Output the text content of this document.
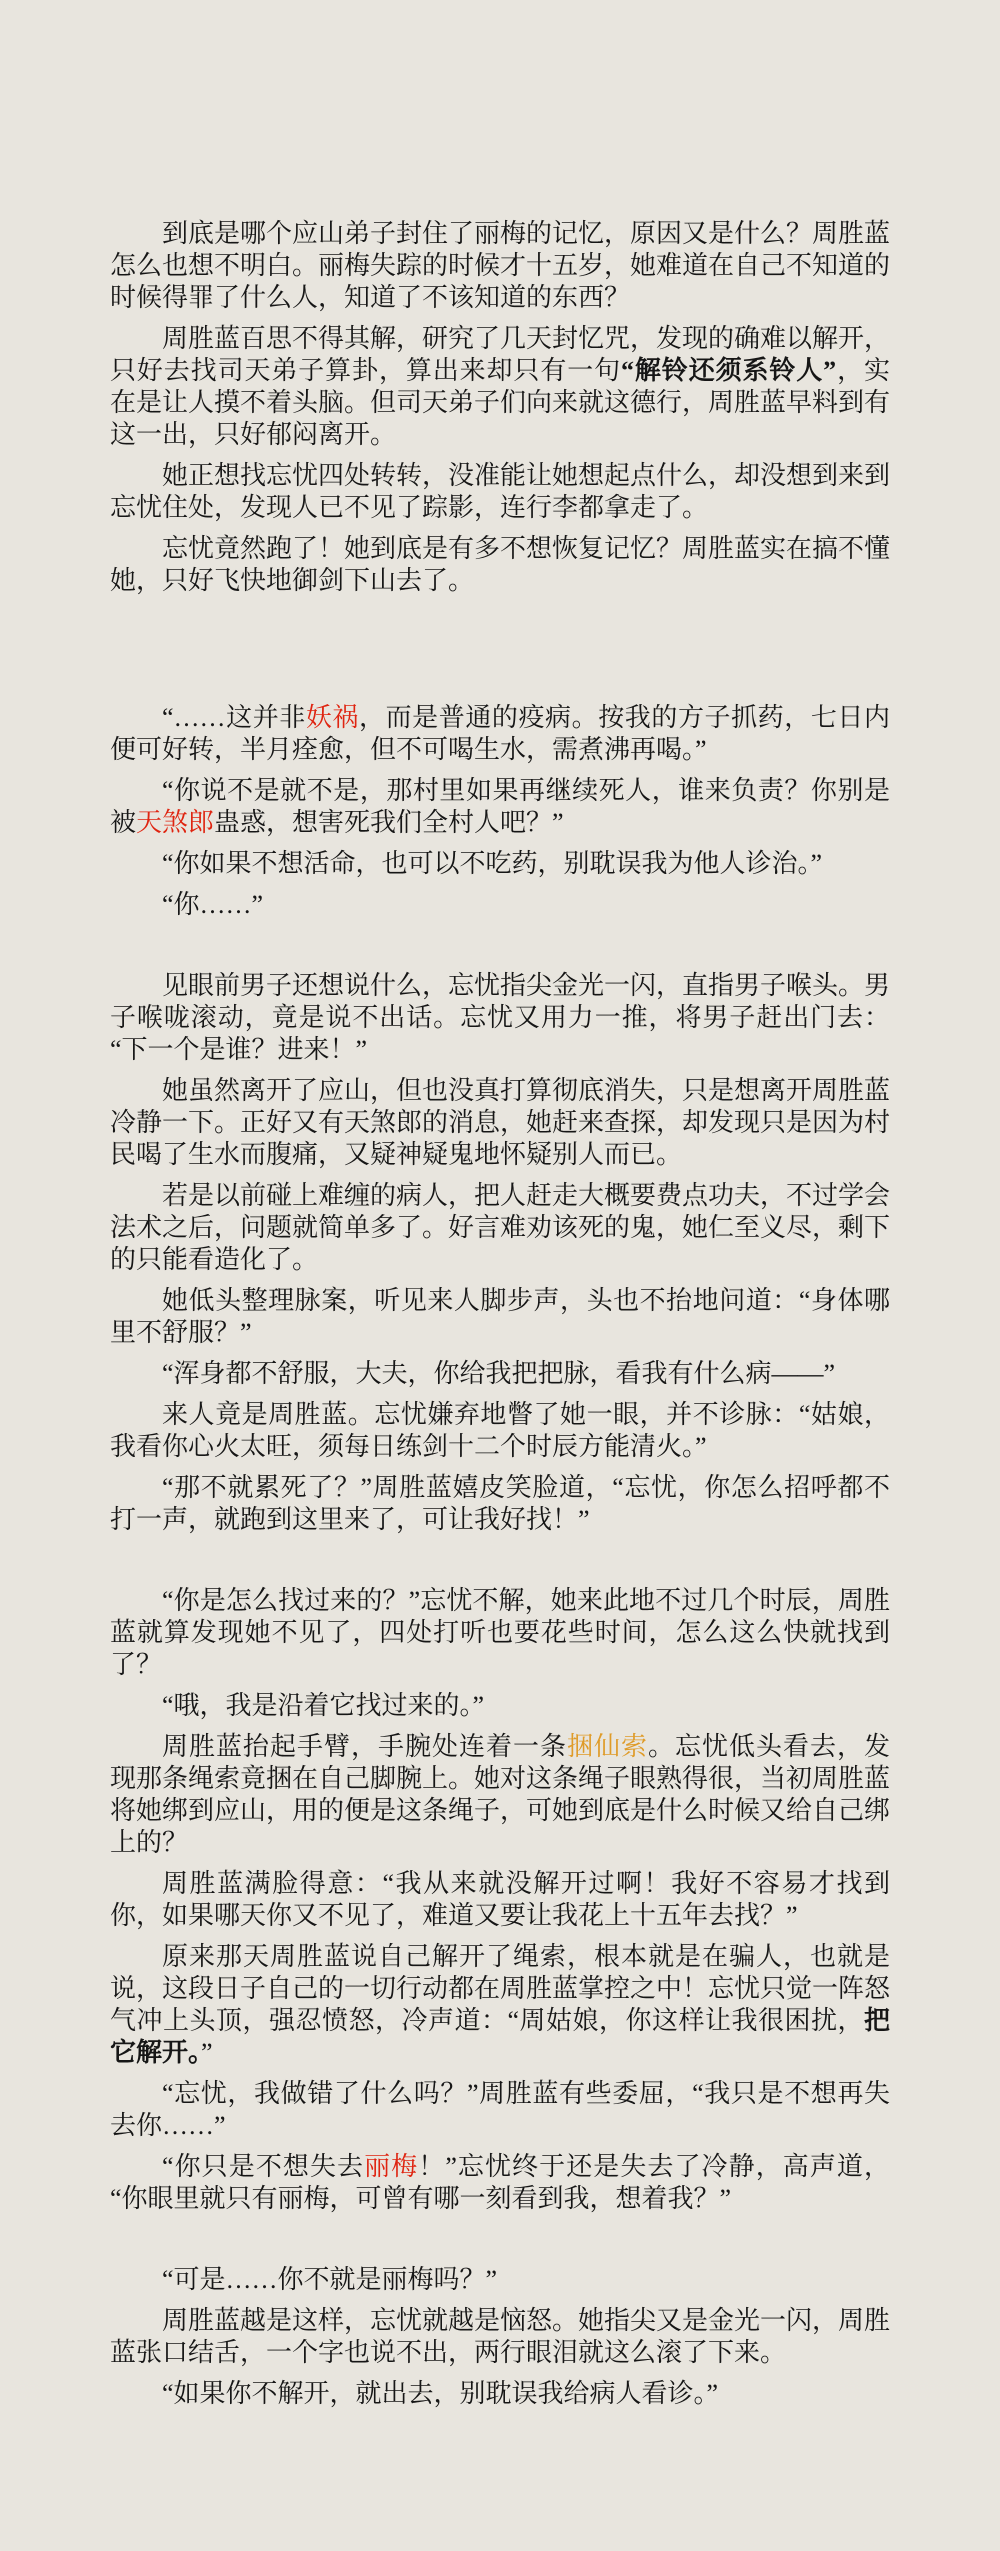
到底是哪个应山弟子封住了丽梅的记忆，原因又是什么？周胜蓝怎么也想不明白。丽梅失踪的时候才十五岁，她难道在自己不知道的时候得罪了什么人，知道了不该知道的东西？

周胜蓝百思不得其解，研究了几天封忆咒，发现的确难以解开，只好去找司天弟子算卦，算出来却只有一句“解铃还须系铃人”，实在是让人摸不着头脑。但司天弟子们向来就这德行，周胜蓝早料到有这一出，只好郁闷离开。

她正想找忘忧四处转转，没准能让她想起点什么，却没想到来到忘忧住处，发现人已不见了踪影，连行李都拿走了。

忘忧竟然跑了！她到底是有多不想恢复记忆？周胜蓝实在搞不懂她，只好飞快地御剑下山去了。

“……这并非妖祸，而是普通的疫病。按我的方子抓药，七日内便可好转，半月痊愈，但不可喝生水，需煮沸再喝。”

“你说不是就不是，那村里如果再继续死人，谁来负责？你别是被天煞郎蛊惑，想害死我们全村人吧？”

“你如果不想活命，也可以不吃药，别耽误我为他人诊治。”

“你……”

见眼前男子还想说什么，忘忧指尖金光一闪，直指男子喉头。男子喉咙滚动，竟是说不出话。忘忧又用力一推，将男子赶出门去：“下一个是谁？进来！”

她虽然离开了应山，但也没真打算彻底消失，只是想离开周胜蓝冷静一下。正好又有天煞郎的消息，她赶来查探，却发现只是因为村民喝了生水而腹痛，又疑神疑鬼地怀疑别人而已。

若是以前碰上难缠的病人，把人赶走大概要费点功夫，不过学会法术之后，问题就简单多了。好言难劝该死的鬼，她仁至义尽，剩下的只能看造化了。

她低头整理脉案，听见来人脚步声，头也不抬地问道：“身体哪里不舒服？”

“浑身都不舒服，大夫，你给我把把脉，看我有什么病——”

来人竟是周胜蓝。忘忧嫌弃地瞥了她一眼，并不诊脉：“姑娘，我看你心火太旺，须每日练剑十二个时辰方能清火。”

“那不就累死了？”周胜蓝嬉皮笑脸道，“忘忧，你怎么招呼都不打一声，就跑到这里来了，可让我好找！”

“你是怎么找过来的？”忘忧不解，她来此地不过几个时辰，周胜蓝就算发现她不见了，四处打听也要花些时间，怎么这么快就找到了？

“哦，我是沿着它找过来的。”

周胜蓝抬起手臂，手腕处连着一条捆仙索。忘忧低头看去，发现那条绳索竟捆在自己脚腕上。她对这条绳子眼熟得很，当初周胜蓝将她绑到应山，用的便是这条绳子，可她到底是什么时候又给自己绑上的？

周胜蓝满脸得意：“我从来就没解开过啊！我好不容易才找到你，如果哪天你又不见了，难道又要让我花上十五年去找？”

原来那天周胜蓝说自己解开了绳索，根本就是在骗人，也就是说，这段日子自己的一切行动都在周胜蓝掌控之中！忘忧只觉一阵怒气冲上头顶，强忍愤怒，冷声道：“周姑娘，你这样让我很困扰，把它解开。”

“忘忧，我做错了什么吗？”周胜蓝有些委屈，“我只是不想再失去你……”

“你只是不想失去丽梅！”忘忧终于还是失去了冷静，高声道，“你眼里就只有丽梅，可曾有哪一刻看到我，想着我？”

“可是……你不就是丽梅吗？”

周胜蓝越是这样，忘忧就越是恼怒。她指尖又是金光一闪，周胜蓝张口结舌，一个字也说不出，两行眼泪就这么滚了下来。

“如果你不解开，就出去，别耽误我给病人看诊。”
